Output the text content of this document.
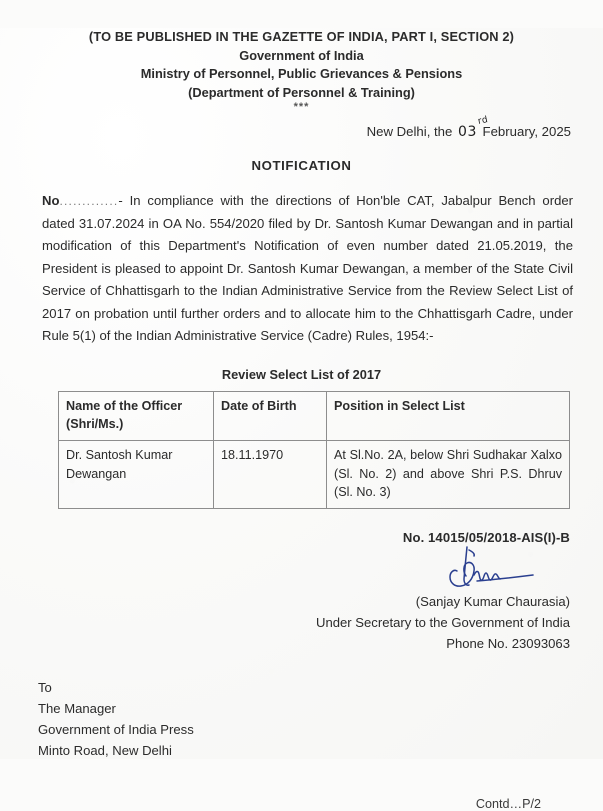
(TO BE PUBLISHED IN THE GAZETTE OF INDIA, PART I, SECTION 2)
Government of India
Ministry of Personnel, Public Grievances & Pensions
(Department of Personnel & Training)
***
New Delhi, the 03
rd
February, 2025
NOTIFICATION

No.............- In compliance with the directions of Hon'ble CAT, Jabalpur Bench order dated 31.07.2024 in OA No. 554/2020 filed by Dr. Santosh Kumar Dewangan and in partial modification of this Department's Notification of even number dated 21.05.2019, the President is pleased to appoint Dr. Santosh Kumar Dewangan, a member of the State Civil Service of Chhattisgarh to the Indian Administrative Service from the Review Select List of 2017 on probation until further orders and to allocate him to the Chhattisgarh Cadre, under Rule 5(1) of the Indian Administrative Service (Cadre) Rules, 1954:-

Review Select List of 2017
Name of the Officer (Shri/Ms.)	Date of Birth	Position in Select List
Dr. Santosh Kumar Dewangan	18.11.1970	At Sl.No. 2A, below Shri Sudhakar Xalxo (Sl. No. 2) and above Shri P.S. Dhruv (Sl. No. 3)
No. 14015/05/2018-AIS(I)-B
(Sanjay Kumar Chaurasia)
Under Secretary to the Government of India
Phone No. 23093063
To
The Manager
Government of India Press
Minto Road, New Delhi
Contd…P/2
